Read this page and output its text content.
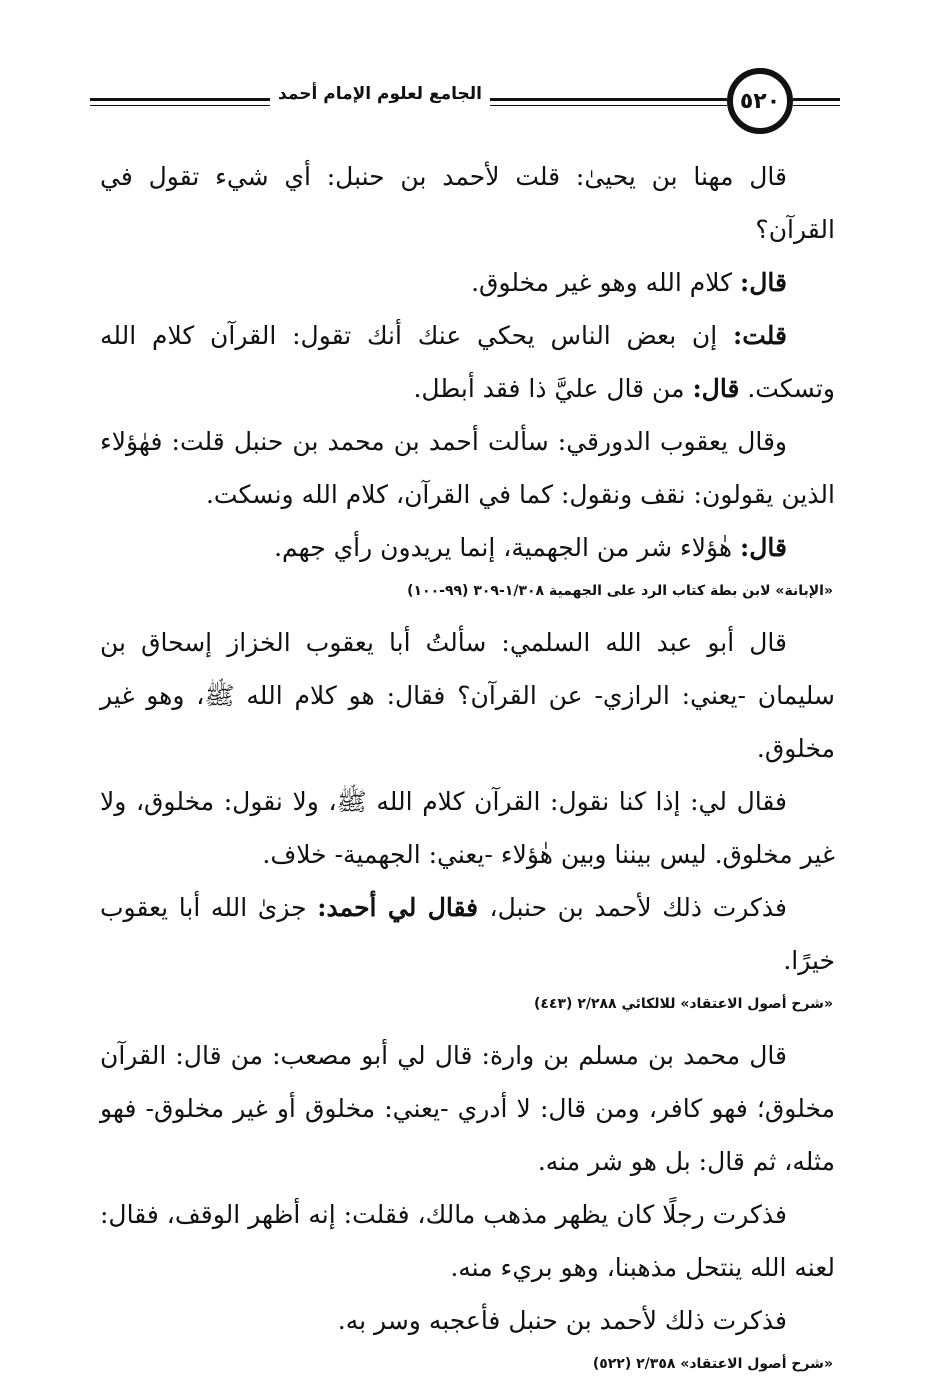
الجامع لعلوم الإمام أحمد	٥٢٠

قال مهنا بن يحيىٰ: قلت لأحمد بن حنبل: أي شيء تقول في القرآن؟

قال: كلام الله وهو غير مخلوق.

قلت: إن بعض الناس يحكي عنك أنك تقول: القرآن كلام الله وتسكت. قال: من قال عليَّ ذا فقد أبطل.

وقال يعقوب الدورقي: سألت أحمد بن محمد بن حنبل قلت: فهٰؤلاء الذين يقولون: نقف ونقول: كما في القرآن، كلام الله ونسكت.

قال: هٰؤلاء شر من الجهمية، إنما يريدون رأي جهم.

«الإبانة» لابن بطة كتاب الرد على الجهمية ١/٣٠٨-٣٠٩ (٩٩-١٠٠)

قال أبو عبد الله السلمي: سألتُ أبا يعقوب الخزاز إسحاق بن سليمان -يعني: الرازي- عن القرآن؟ فقال: هو كلام الله ﷺ، وهو غير مخلوق.

فقال لي: إذا كنا نقول: القرآن كلام الله ﷺ، ولا نقول: مخلوق، ولا غير مخلوق. ليس بيننا وبين هٰؤلاء -يعني: الجهمية- خلاف.

فذكرت ذلك لأحمد بن حنبل، فقال لي أحمد: جزىٰ الله أبا يعقوب خيرًا.

«شرح أصول الاعتقاد» للالكائي ٢/٢٨٨ (٤٤٣)

قال محمد بن مسلم بن وارة: قال لي أبو مصعب: من قال: القرآن مخلوق؛ فهو كافر، ومن قال: لا أدري -يعني: مخلوق أو غير مخلوق- فهو مثله، ثم قال: بل هو شر منه.

فذكرت رجلًا كان يظهر مذهب مالك، فقلت: إنه أظهر الوقف، فقال: لعنه الله ينتحل مذهبنا، وهو بريء منه.

فذكرت ذلك لأحمد بن حنبل فأعجبه وسر به.

«شرح أصول الاعتقاد» ٢/٣٥٨ (٥٢٢)
